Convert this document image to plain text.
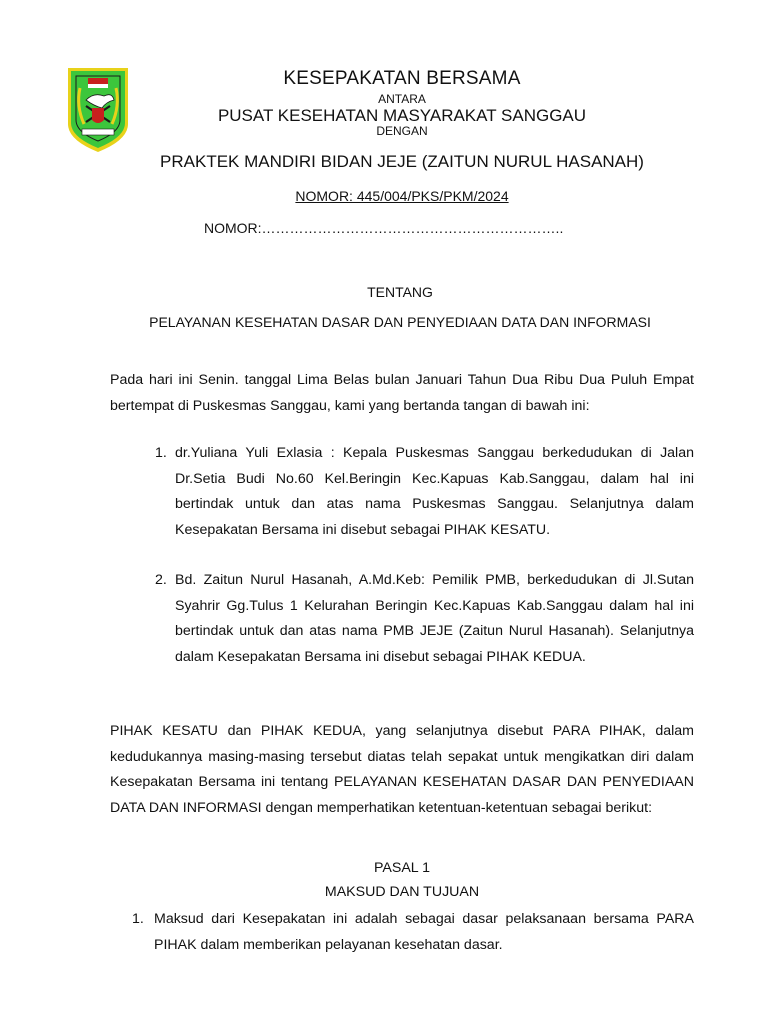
KESEPAKATAN BERSAMA
ANTARA
PUSAT KESEHATAN MASYARAKAT SANGGAU
DENGAN
PRAKTEK MANDIRI BIDAN JEJE (ZAITUN NURUL HASANAH)
NOMOR: 445/004/PKS/PKM/2024
NOMOR:………………………………………………………..
TENTANG
PELAYANAN KESEHATAN DASAR DAN PENYEDIAAN DATA DAN INFORMASI
Pada hari ini Senin. tanggal Lima Belas bulan Januari Tahun Dua Ribu Dua Puluh Empat bertempat di Puskesmas Sanggau, kami yang bertanda tangan di bawah ini:
1. dr.Yuliana Yuli Exlasia : Kepala Puskesmas Sanggau berkedudukan di Jalan Dr.Setia Budi No.60 Kel.Beringin Kec.Kapuas Kab.Sanggau, dalam hal ini bertindak untuk dan atas nama Puskesmas Sanggau. Selanjutnya dalam Kesepakatan Bersama ini disebut sebagai PIHAK KESATU.
2. Bd. Zaitun Nurul Hasanah, A.Md.Keb: Pemilik PMB, berkedudukan di Jl.Sutan Syahrir Gg.Tulus 1 Kelurahan Beringin Kec.Kapuas Kab.Sanggau dalam hal ini bertindak untuk dan atas nama PMB JEJE (Zaitun Nurul Hasanah). Selanjutnya dalam Kesepakatan Bersama ini disebut sebagai PIHAK KEDUA.
PIHAK KESATU dan PIHAK KEDUA, yang selanjutnya disebut PARA PIHAK, dalam kedudukannya masing-masing tersebut diatas telah sepakat untuk mengikatkan diri dalam Kesepakatan Bersama ini tentang PELAYANAN KESEHATAN DASAR DAN PENYEDIAAN DATA DAN INFORMASI dengan memperhatikan ketentuan-ketentuan sebagai berikut:
PASAL 1
MAKSUD DAN TUJUAN
1. Maksud dari Kesepakatan ini adalah sebagai dasar pelaksanaan bersama PARA PIHAK dalam memberikan pelayanan kesehatan dasar.
